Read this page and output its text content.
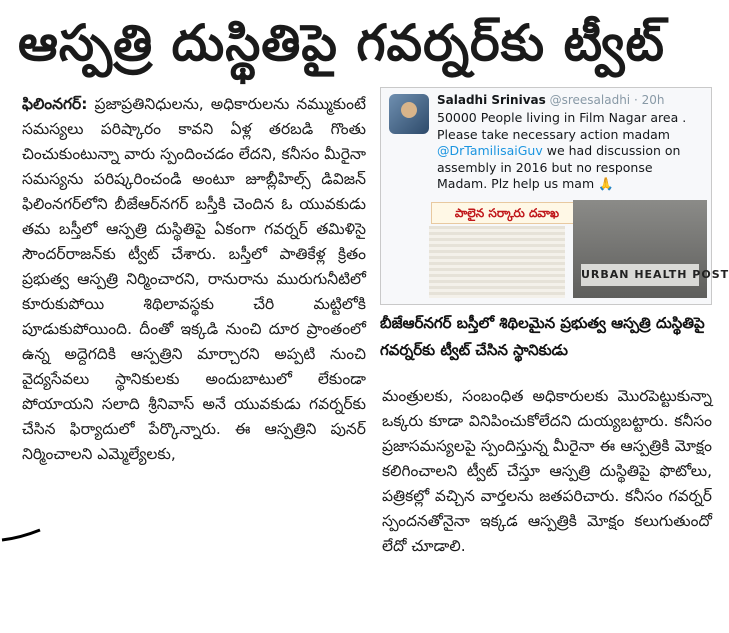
ఆస్పత్రి దుస్థితిపై గవర్నర్‌కు ట్వీట్
ఫిలింనగర్: ప్రజాప్రతినిధులను, అధికారులను నమ్ముకుంటే సమస్యలు పరిష్కారం కావని ఏళ్ల తరబడి గొంతు చించుకుంటున్నా వారు స్పందించడం లేదని, కనీసం మీరైనా సమస్యను పరిష్కరించండి అంటూ జూబ్లీహిల్స్ డివిజన్ ఫిలింనగర్‌లోని బీజేఆర్‌నగర్ బస్తీకి చెందిన ఓ యువకుడు తమ బస్తీలో ఆస్పత్రి దుస్థితిపై ఏకంగా గవర్నర్ తమిళిసై సౌందర్‌రాజన్‌కు ట్వీట్ చేశారు. బస్తీలో పాతికేళ్ల క్రితం ప్రభుత్వ ఆస్పత్రి నిర్మించారని, రానురాను మురుగునీటిలో కూరుకుపోయి శిథిలావస్థకు చేరి మట్టిలోకి పూడుకుపోయింది. దీంతో ఇక్కడి నుంచి దూర ప్రాంతంలో ఉన్న అద్దెగదికి ఆస్పత్రిని మార్చారని అప్పటి నుంచి వైద్యసేవలు స్థానికులకు అందుబాటులో లేకుండా పోయాయని సలాది శ్రీనివాస్ అనే యువకుడు గవర్నర్‌కు చేసిన ఫిర్యాదులో పేర్కొన్నారు. ఈ ఆస్పత్రిని పునర్ నిర్మించాలని ఎమ్మెల్యేలకు,
Saladhi Srinivas @sreesaladhi · 20h
50000 People living in Film Nagar area . Please take necessary action madam @DrTamilisaiGuv we had discussion on assembly in 2016 but no response Madam. Plz help us mam 🙏
పాలైన సర్కారు దవాఖ
URBAN HEALTH POST
బీజేఆర్‌నగర్ బస్తీలో శిథిలమైన ప్రభుత్వ ఆస్పత్రి దుస్థితిపై గవర్నర్‌కు ట్వీట్ చేసిన స్థానికుడు
మంత్రులకు, సంబంధిత అధికారులకు మొరపెట్టుకున్నా ఒక్కరు కూడా వినిపించుకోలేదని దుయ్యబట్టారు. కనీసం ప్రజాసమస్యలపై స్పందిస్తున్న మీరైనా ఈ ఆస్పత్రికి మోక్షం కలిగించాలని ట్వీట్ చేస్తూ ఆస్పత్రి దుస్థితిపై ఫొటోలు, పత్రికల్లో వచ్చిన వార్తలను జతపరిచారు. కనీసం గవర్నర్ స్పందనతోనైనా ఇక్కడ ఆస్పత్రికి మోక్షం కలుగుతుందో లేదో చూడాలి.
